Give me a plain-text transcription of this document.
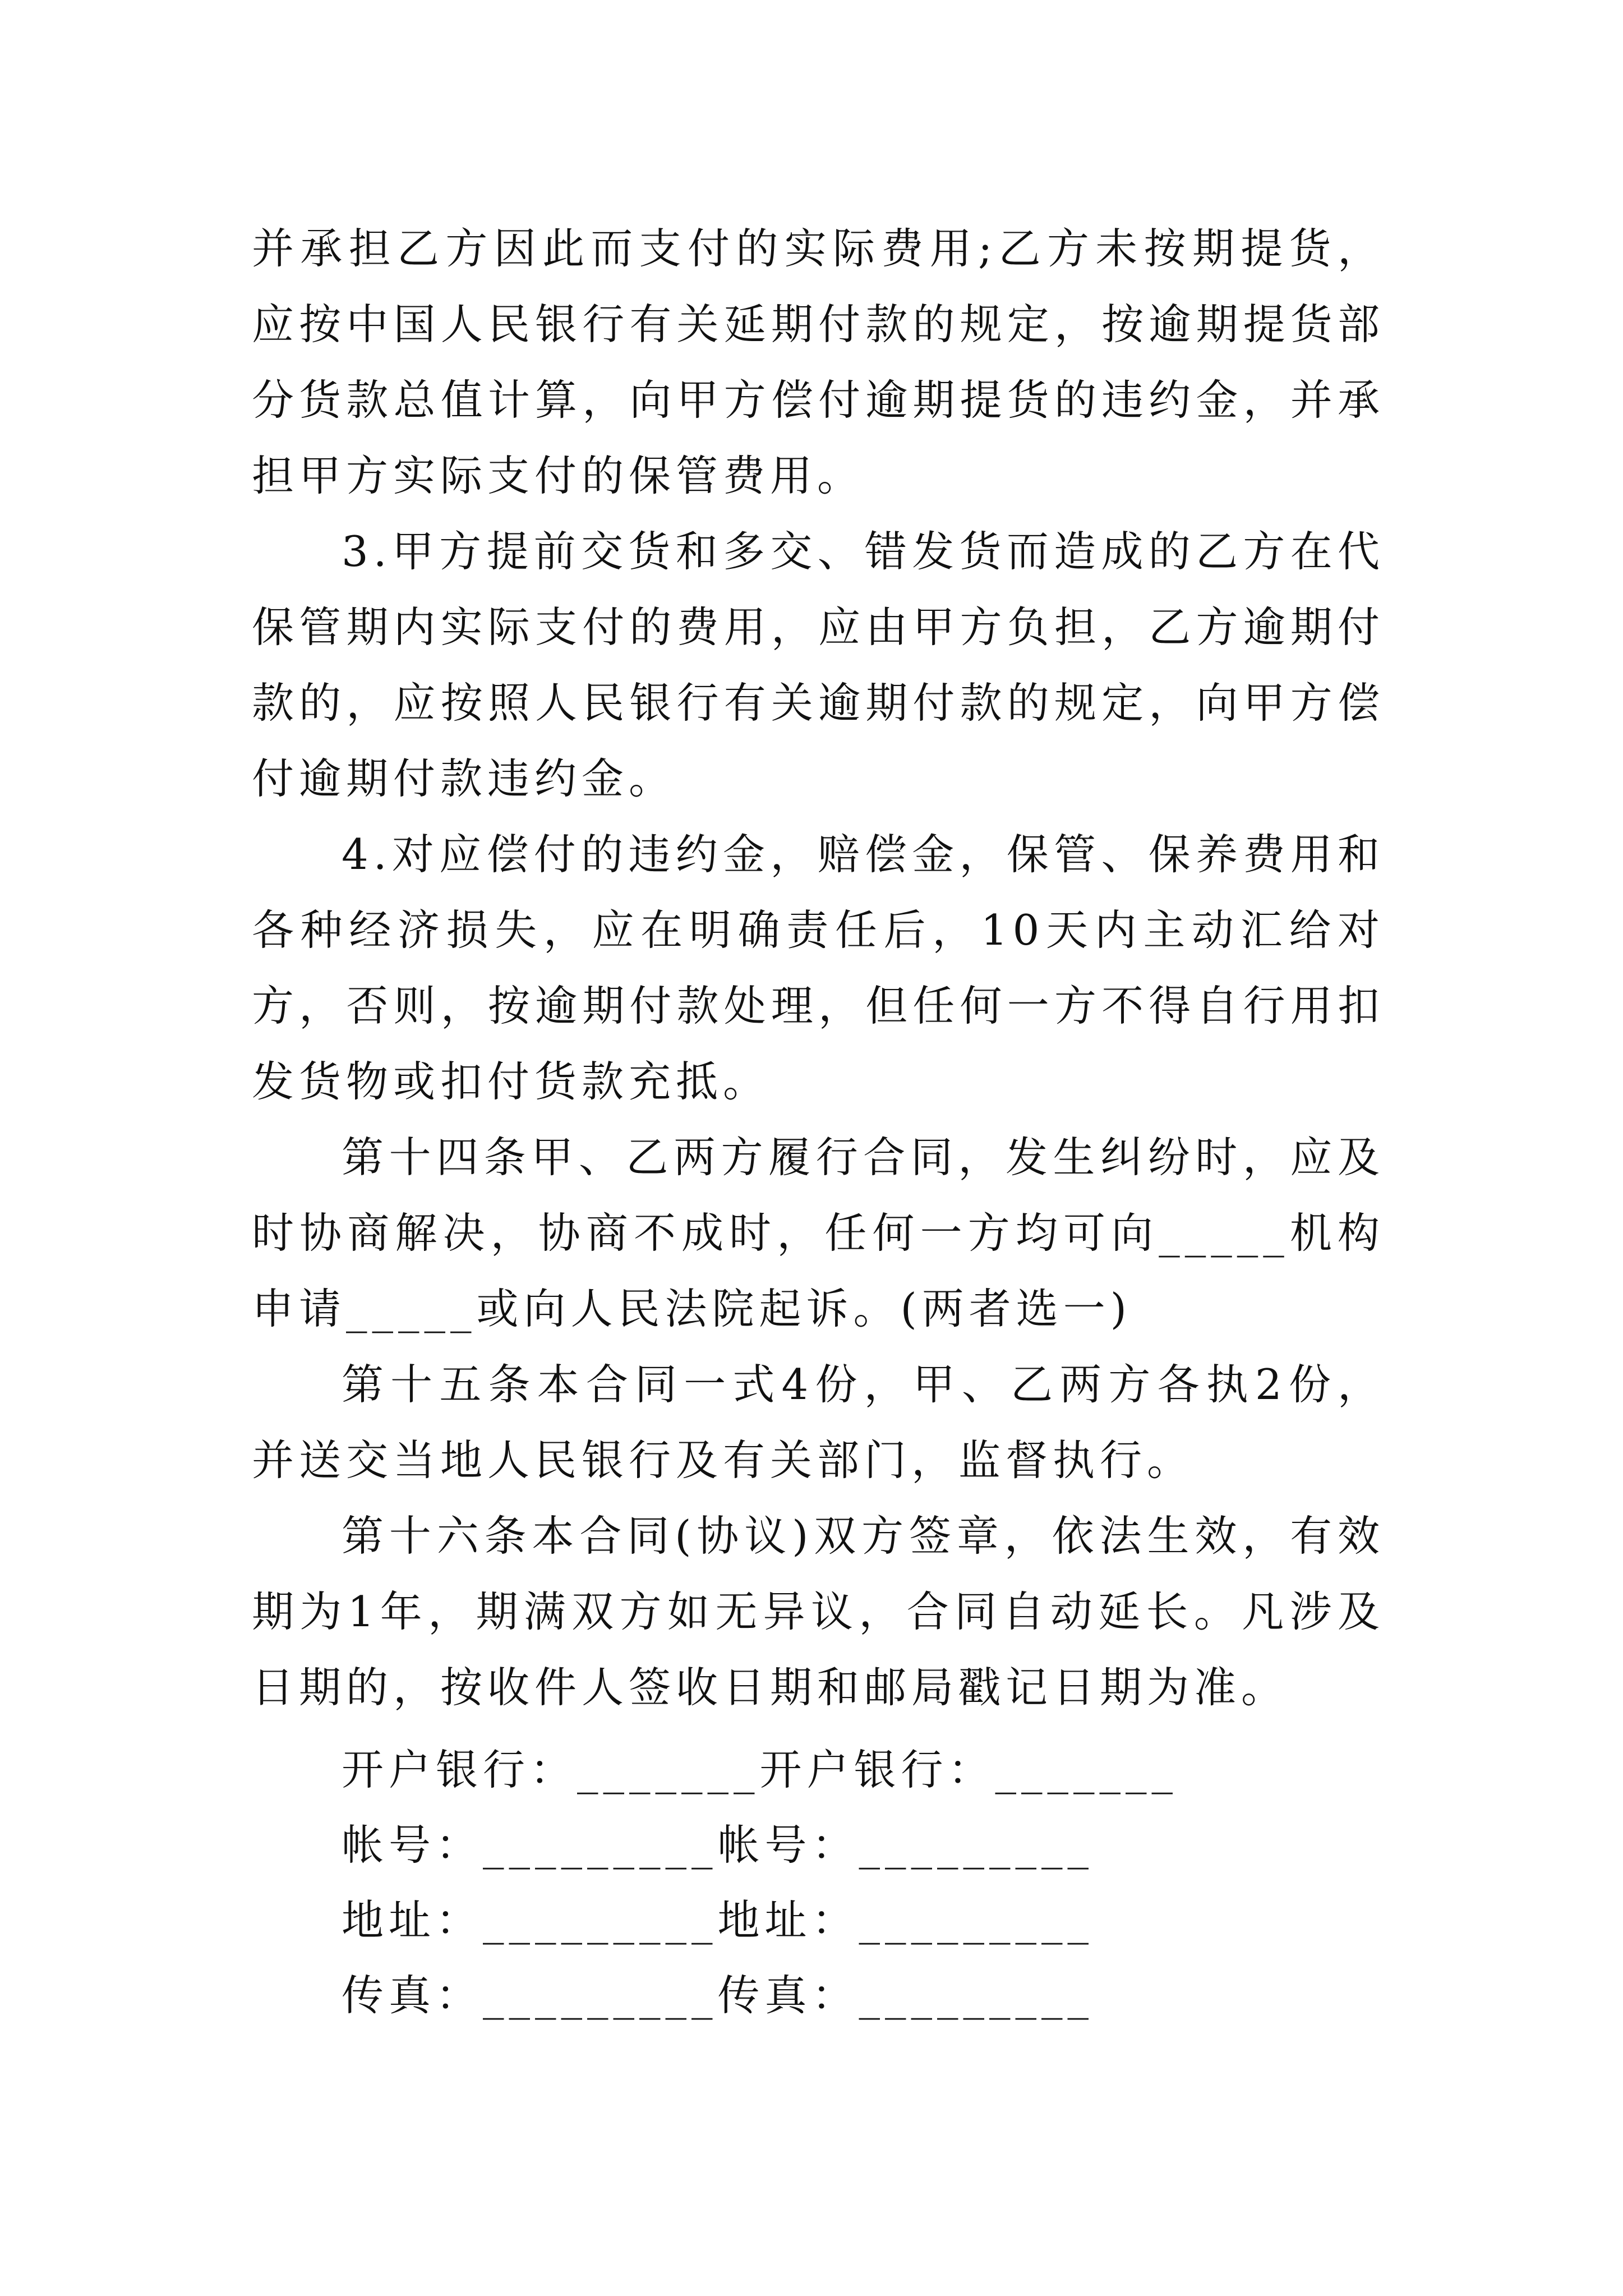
并承担乙方因此而支付的实际费用;乙方未按期提货，应按中国人民银行有关延期付款的规定，按逾期提货部分货款总值计算，向甲方偿付逾期提货的违约金，并承担甲方实际支付的保管费用。

3.甲方提前交货和多交、错发货而造成的乙方在代保管期内实际支付的费用，应由甲方负担，乙方逾期付款的，应按照人民银行有关逾期付款的规定，向甲方偿付逾期付款违约金。

4.对应偿付的违约金，赔偿金，保管、保养费用和各种经济损失，应在明确责任后，10天内主动汇给对方，否则，按逾期付款处理，但任何一方不得自行用扣发货物或扣付货款充抵。

第十四条甲、乙两方履行合同，发生纠纷时，应及时协商解决，协商不成时，任何一方均可向_____机构申请_____或向人民法院起诉。(两者选一)

第十五条本合同一式4份，甲、乙两方各执2份，并送交当地人民银行及有关部门，监督执行。

第十六条本合同(协议)双方签章，依法生效，有效期为1年，期满双方如无异议，合同自动延长。凡涉及日期的，按收件人签收日期和邮局戳记日期为准。

开户银行：_______开户银行：_______
帐号：_________帐号：_________
地址：_________地址：_________
传真：_________传真：_________
